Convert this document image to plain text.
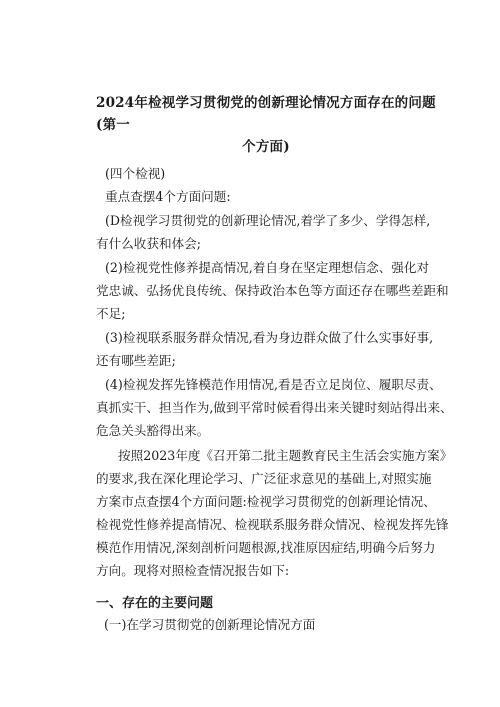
2024年检视学习贯彻党的创新理论情况方面存在的问题(第一
个方面)
(四个检视)
重点查摆4个方面问题:
(D检视学习贯彻党的创新理论情况,着学了多少、学得怎样,
有什么收获和体会;
(2)检视党性修养提高情况,着自身在坚定理想信念、强化对
党忠诚、弘扬优良传统、保持政治本色等方面还存在哪些差距和
不足;
(3)检视联系服务群众情况,看为身边群众做了什么实事好事,
还有哪些差距;
(4)检视发挥先锋模范作用情况,看是否立足岗位、履职尽责、
真抓实干、担当作为,做到平常时候看得出来关键时刻站得出来、
危急关头豁得出来。
按照2023年度《召开第二批主题教育民主生活会实施方案》
的要求,我在深化理论学习、广泛征求意见的基础上,对照实施
方案市点查摆4个方面问题:检视学习贯彻党的创新理论情况、
检视党性修养提高情况、检视联系服务群众情况、检视发挥先锋
模范作用情况,深刻剖析问题根源,找准原因症结,明确今后努力
方向。现将对照检查情况报告如下:
一、存在的主要问题
(一)在学习贯彻党的创新理论情况方面
